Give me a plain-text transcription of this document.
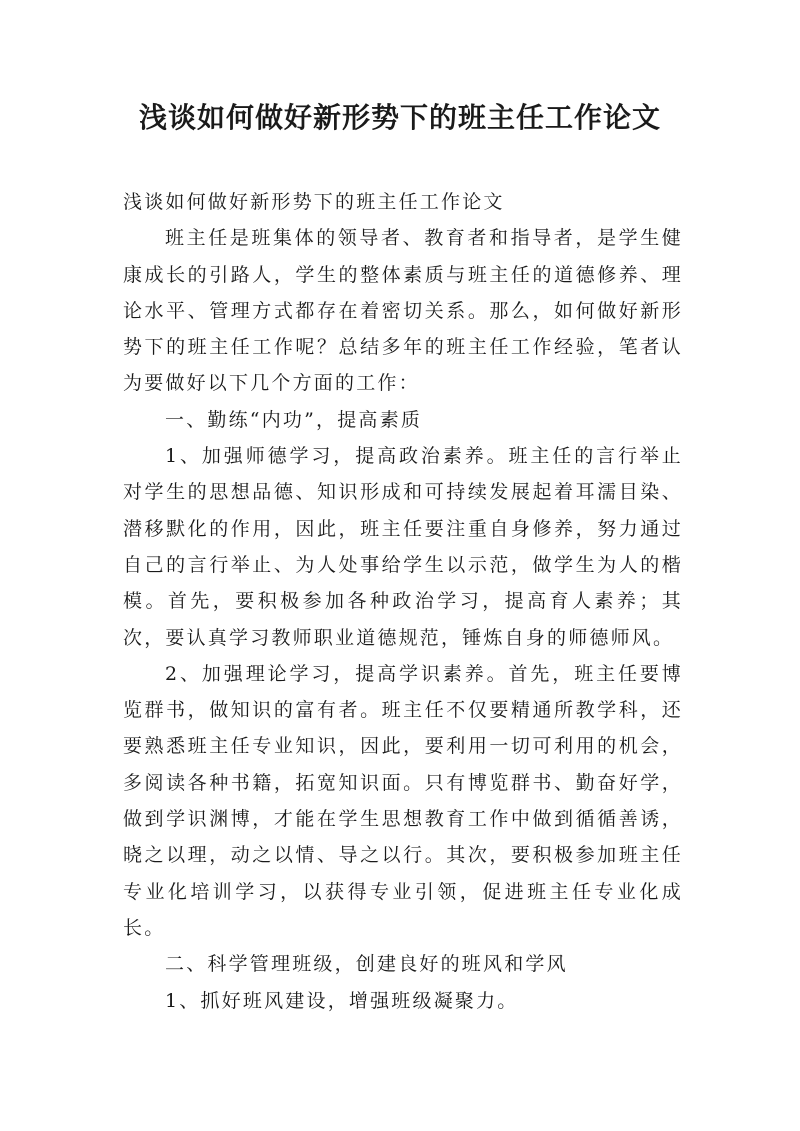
浅谈如何做好新形势下的班主任工作论文

浅谈如何做好新形势下的班主任工作论文

班主任是班集体的领导者、教育者和指导者，是学生健康成长的引路人，学生的整体素质与班主任的道德修养、理论水平、管理方式都存在着密切关系。那么，如何做好新形势下的班主任工作呢？总结多年的班主任工作经验，笔者认为要做好以下几个方面的工作：

一、勤练“内功”，提高素质

1、加强师德学习，提高政治素养。班主任的言行举止对学生的思想品德、知识形成和可持续发展起着耳濡目染、潜移默化的作用，因此，班主任要注重自身修养，努力通过自己的言行举止、为人处事给学生以示范，做学生为人的楷模。首先，要积极参加各种政治学习，提高育人素养；其次，要认真学习教师职业道德规范，锤炼自身的师德师风。

2、加强理论学习，提高学识素养。首先，班主任要博览群书，做知识的富有者。班主任不仅要精通所教学科，还要熟悉班主任专业知识，因此，要利用一切可利用的机会，多阅读各种书籍，拓宽知识面。只有博览群书、勤奋好学，做到学识渊博，才能在学生思想教育工作中做到循循善诱，晓之以理，动之以情、导之以行。其次，要积极参加班主任专业化培训学习，以获得专业引领，促进班主任专业化成长。

二、科学管理班级，创建良好的班风和学风

1、抓好班风建设，增强班级凝聚力。
